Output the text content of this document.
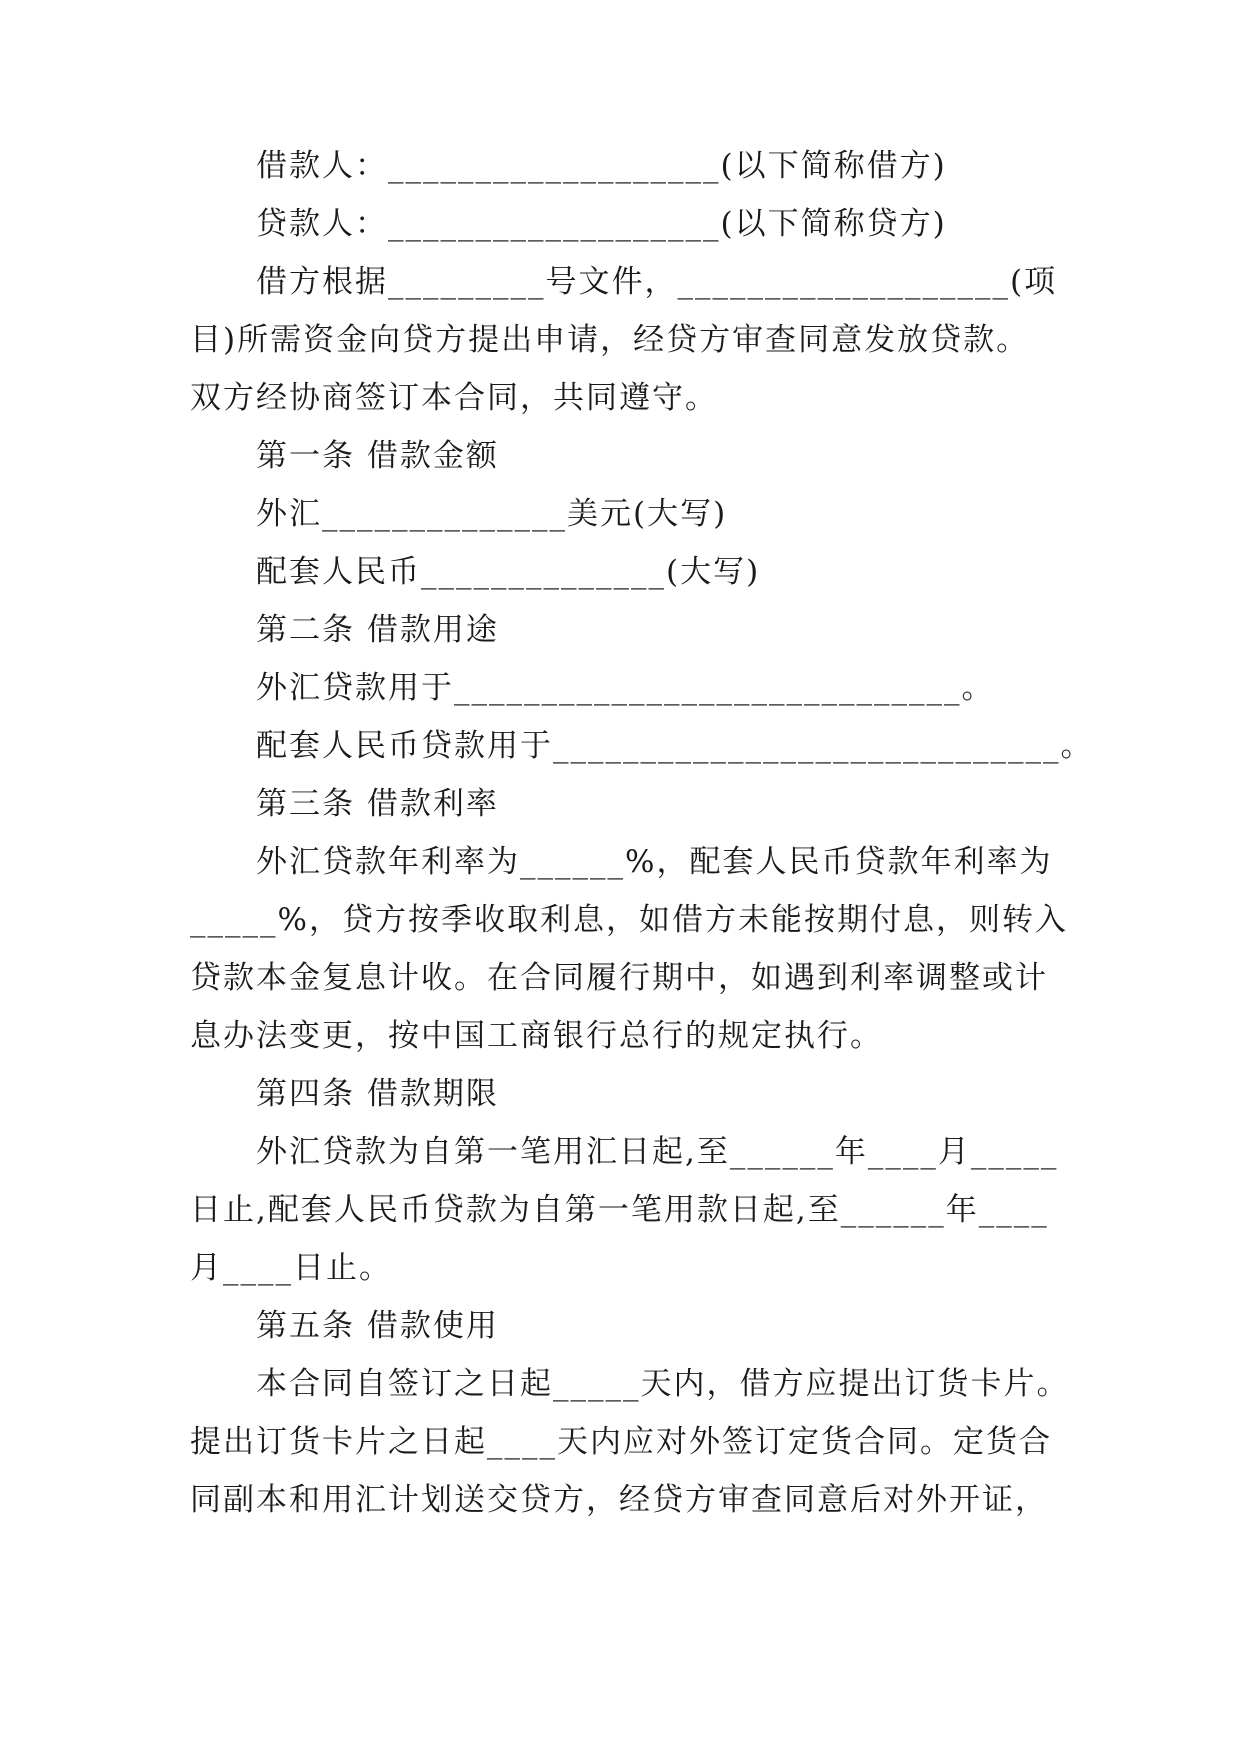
借款人：___________________(以下简称借方)
贷款人：___________________(以下简称贷方)
借方根据_________号文件，___________________(项
目)所需资金向贷方提出申请，经贷方审查同意发放贷款。
双方经协商签订本合同，共同遵守。
第一条 借款金额
外汇______________美元(大写)
配套人民币______________(大写)
第二条 借款用途
外汇贷款用于_____________________________。
配套人民币贷款用于_____________________________。
第三条 借款利率
外汇贷款年利率为______%，配套人民币贷款年利率为
_____%，贷方按季收取利息，如借方未能按期付息，则转入
贷款本金复息计收。在合同履行期中，如遇到利率调整或计
息办法变更，按中国工商银行总行的规定执行。
第四条 借款期限
外汇贷款为自第一笔用汇日起,至______年____月_____
日止,配套人民币贷款为自第一笔用款日起,至______年____
月____日止。
第五条 借款使用
本合同自签订之日起_____天内，借方应提出订货卡片。
提出订货卡片之日起____天内应对外签订定货合同。定货合
同副本和用汇计划送交贷方，经贷方审查同意后对外开证，
